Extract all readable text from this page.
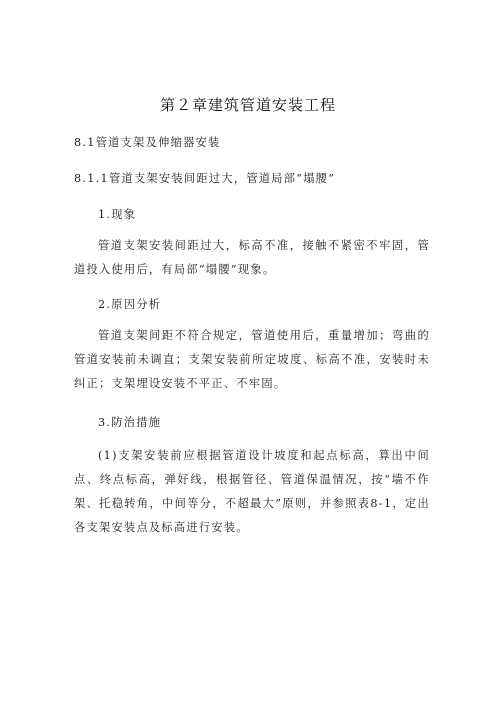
第２章建筑管道安装工程
8.1管道支架及伸缩器安装
8.1.1管道支架安装间距过大，管道局部“塌腰”
1.现象
管道支架安装间距过大，标高不准，接触不紧密不牢固，管道投入使用后，有局部“塌腰”现象。
2.原因分析
管道支架间距不符合规定，管道使用后，重量增加；弯曲的管道安装前未调直；支架安装前所定坡度、标高不准，安装时未纠正；支架埋设安装不平正、不牢固。
3.防治措施
(1)支架安装前应根据管道设计坡度和起点标高，算出中间点、终点标高，弹好线，根据管径、管道保温情况，按“墙不作架、托稳转角，中间等分，不超最大”原则，并参照表8-1，定出各支架安装点及标高进行安装。
